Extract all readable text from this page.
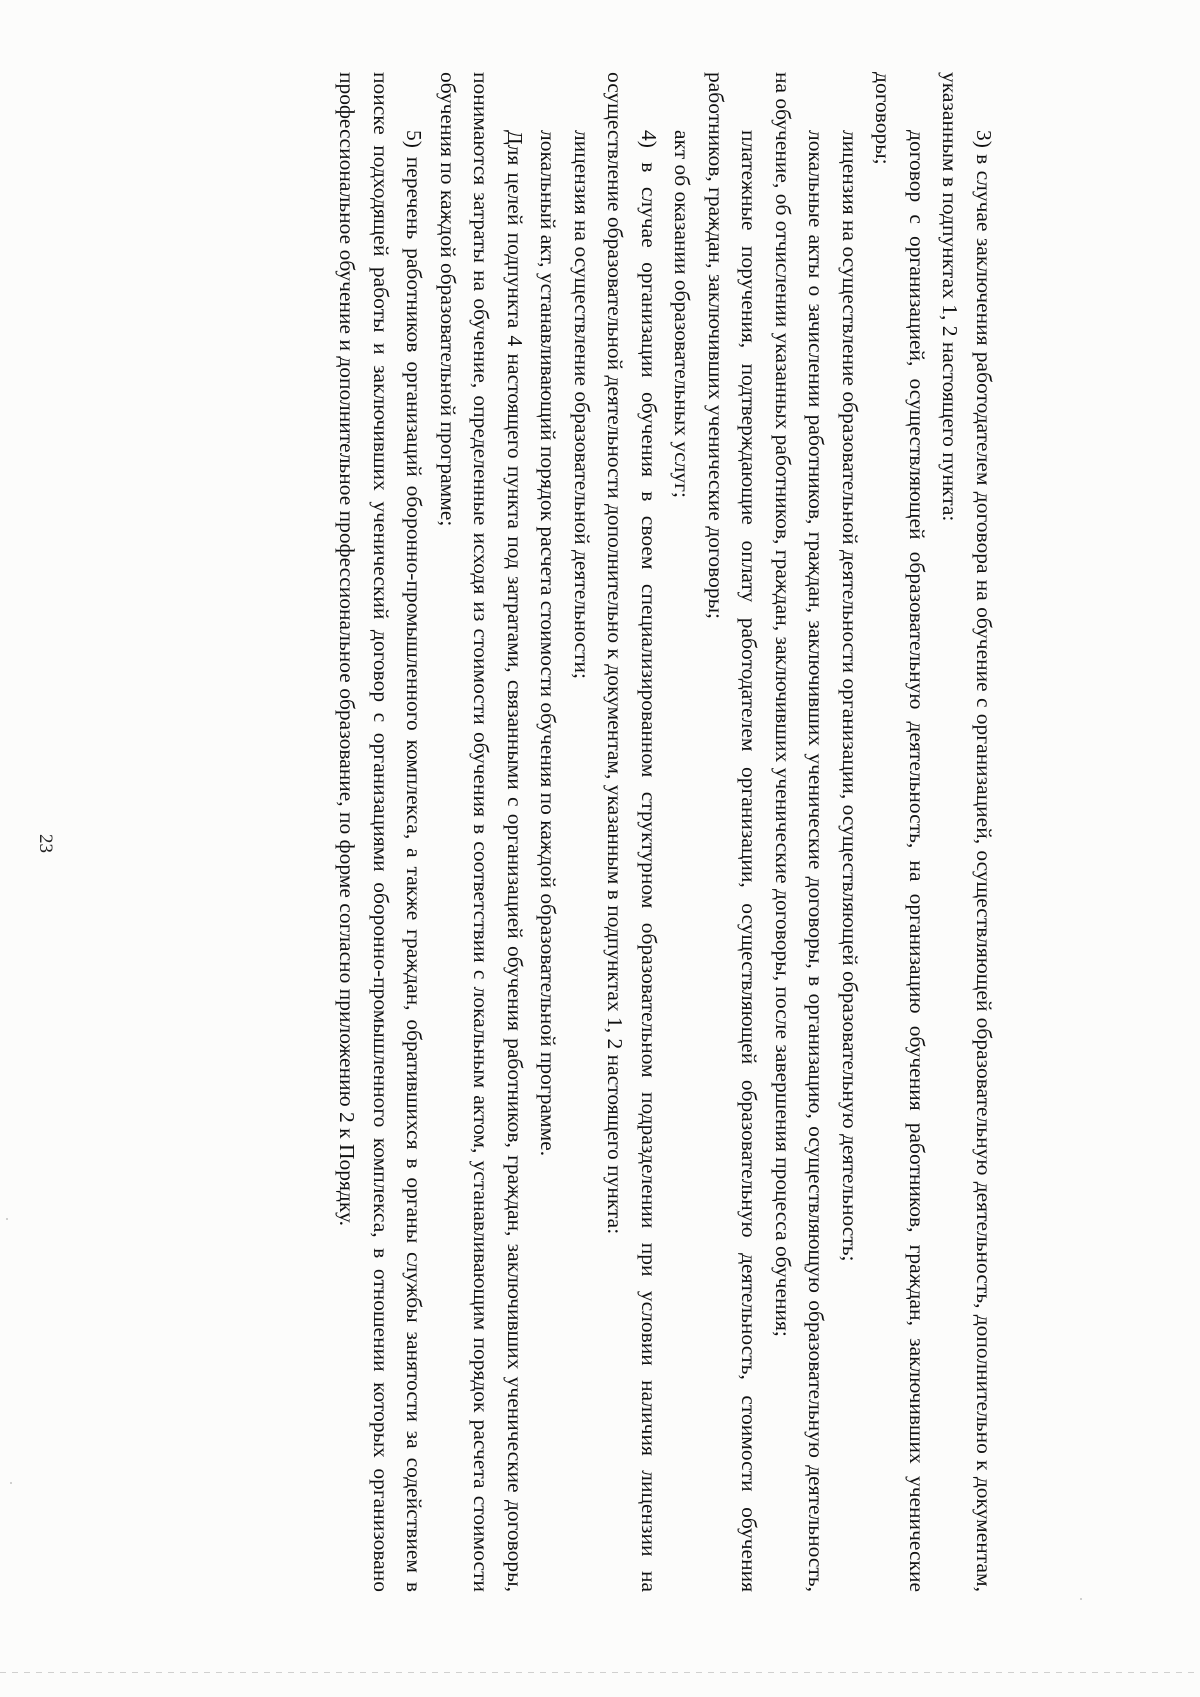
23	3) в случае заключения работодателем договора на обучение с организацией, осуществляющей образовательную деятельность, дополнительно к документам, указанным в подпунктах 1, 2 настоящего пункта:

договор с организацией, осуществляющей образовательную деятельность, на организацию обучения работников, граждан, заключивших ученические договоры;

лицензия на осуществление образовательной деятельности организации, осуществляющей образовательную деятельность;

локальные акты о зачислении работников, граждан, заключивших ученические договоры, в организацию, осуществляющую образовательную деятельность, на обучение, об отчислении указанных работников, граждан, заключивших ученические договоры, после завершения процесса обучения;

платежные поручения, подтверждающие оплату работодателем организации, осуществляющей образовательную деятельность, стоимости обучения работников, граждан, заключивших ученические договоры;

акт об оказании образовательных услуг;

4) в случае организации обучения в своем специализированном структурном образовательном подразделении при условии наличия лицензии на осуществление образовательной деятельности дополнительно к документам, указанным в подпунктах 1, 2 настоящего пункта:

лицензия на осуществление образовательной деятельности;

локальный акт, устанавливающий порядок расчета стоимости обучения по каждой образовательной программе.

Для целей подпункта 4 настоящего пункта под затратами, связанными с организацией обучения работников, граждан, заключивших ученические договоры, понимаются затраты на обучение, определенные исходя из стоимости обучения в соответствии с локальным актом, устанавливающим порядок расчета стоимости обучения по каждой образовательной программе;

5) перечень работников организаций оборонно-промышленного комплекса, а также граждан, обратившихся в органы службы занятости за содействием в поиске подходящей работы и заключивших ученический договор с организациями оборонно-промышленного комплекса, в отношении которых организовано профессиональное обучение и дополнительное профессиональное образование, по форме согласно приложению 2 к Порядку.
